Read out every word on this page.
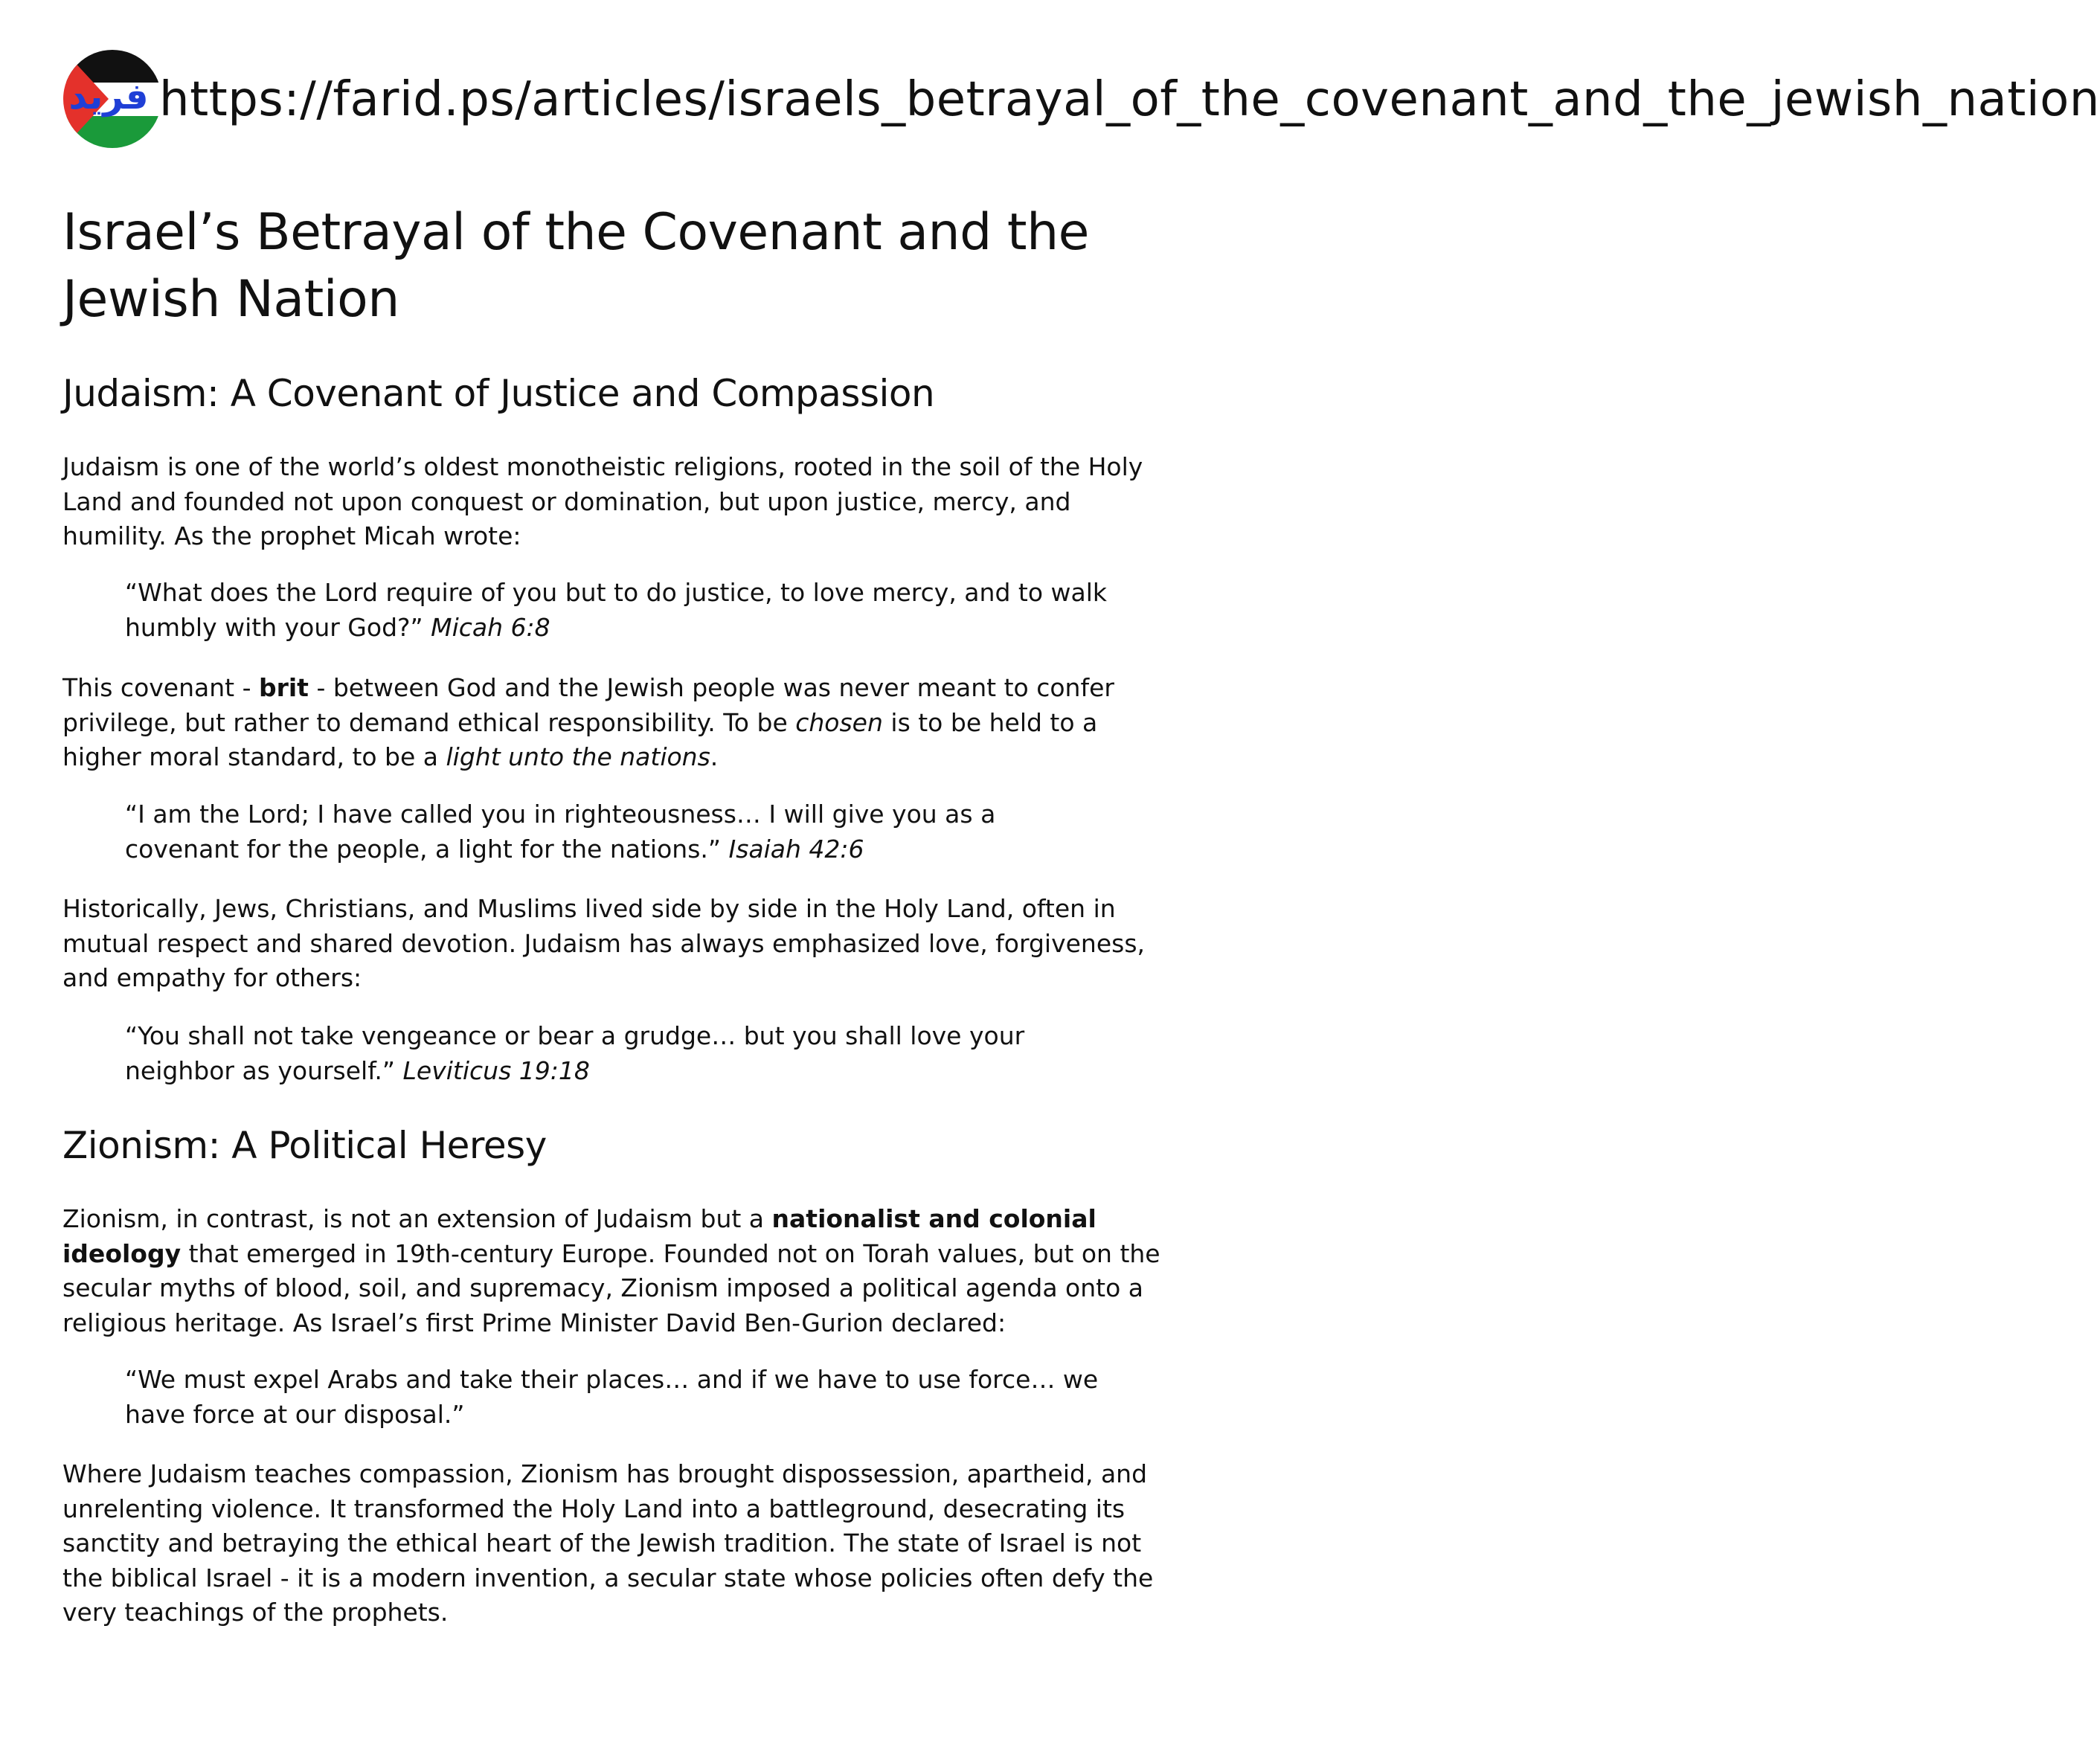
فريد https://farid.ps/articles/israels_betrayal_of_the_covenant_and_the_jewish_nation
Israel’s Betrayal of the Covenant and the Jewish Nation
Judaism: A Covenant of Justice and Compassion

Judaism is one of the world’s oldest monotheistic religions, rooted in the soil of the Holy Land and founded not upon conquest or domination, but upon justice, mercy, and humility. As the prophet Micah wrote:

“What does the Lord require of you but to do justice, to love mercy, and to walk humbly with your God?” Micah 6:8

This covenant - brit - between God and the Jewish people was never meant to confer privilege, but rather to demand ethical responsibility. To be chosen is to be held to a higher moral standard, to be a light unto the nations.

“I am the Lord; I have called you in righteousness… I will give you as a covenant for the people, a light for the nations.” Isaiah 42:6

Historically, Jews, Christians, and Muslims lived side by side in the Holy Land, often in mutual respect and shared devotion. Judaism has always emphasized love, forgiveness, and empathy for others:

“You shall not take vengeance or bear a grudge… but you shall love your neighbor as yourself.” Leviticus 19:18

Zionism: A Political Heresy

Zionism, in contrast, is not an extension of Judaism but a nationalist and colonial ideology that emerged in 19th-century Europe. Founded not on Torah values, but on the secular myths of blood, soil, and supremacy, Zionism imposed a political agenda onto a religious heritage. As Israel’s first Prime Minister David Ben-Gurion declared:

“We must expel Arabs and take their places… and if we have to use force… we have force at our disposal.”

Where Judaism teaches compassion, Zionism has brought dispossession, apartheid, and unrelenting violence. It transformed the Holy Land into a battleground, desecrating its sanctity and betraying the ethical heart of the Jewish tradition. The state of Israel is not the biblical Israel - it is a modern invention, a secular state whose policies often defy the very teachings of the prophets.
